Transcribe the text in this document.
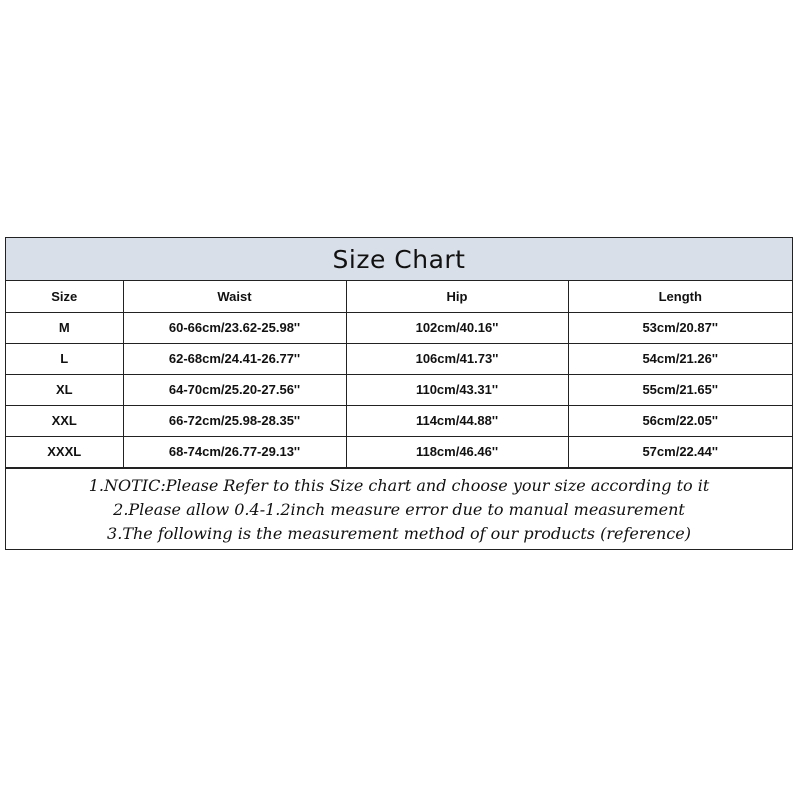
Size Chart
Size	Waist	Hip	Length
M	60-66cm/23.62-25.98''	102cm/40.16''	53cm/20.87''
L	62-68cm/24.41-26.77''	106cm/41.73''	54cm/21.26''
XL	64-70cm/25.20-27.56''	110cm/43.31''	55cm/21.65''
XXL	66-72cm/25.98-28.35''	114cm/44.88''	56cm/22.05''
XXXL	68-74cm/26.77-29.13''	118cm/46.46''	57cm/22.44''
1.NOTIC:Please Refer to this Size chart and choose your size according to it
2.Please allow 0.4-1.2inch measure error due to manual measurement
3.The following is the measurement method of our products (reference)
